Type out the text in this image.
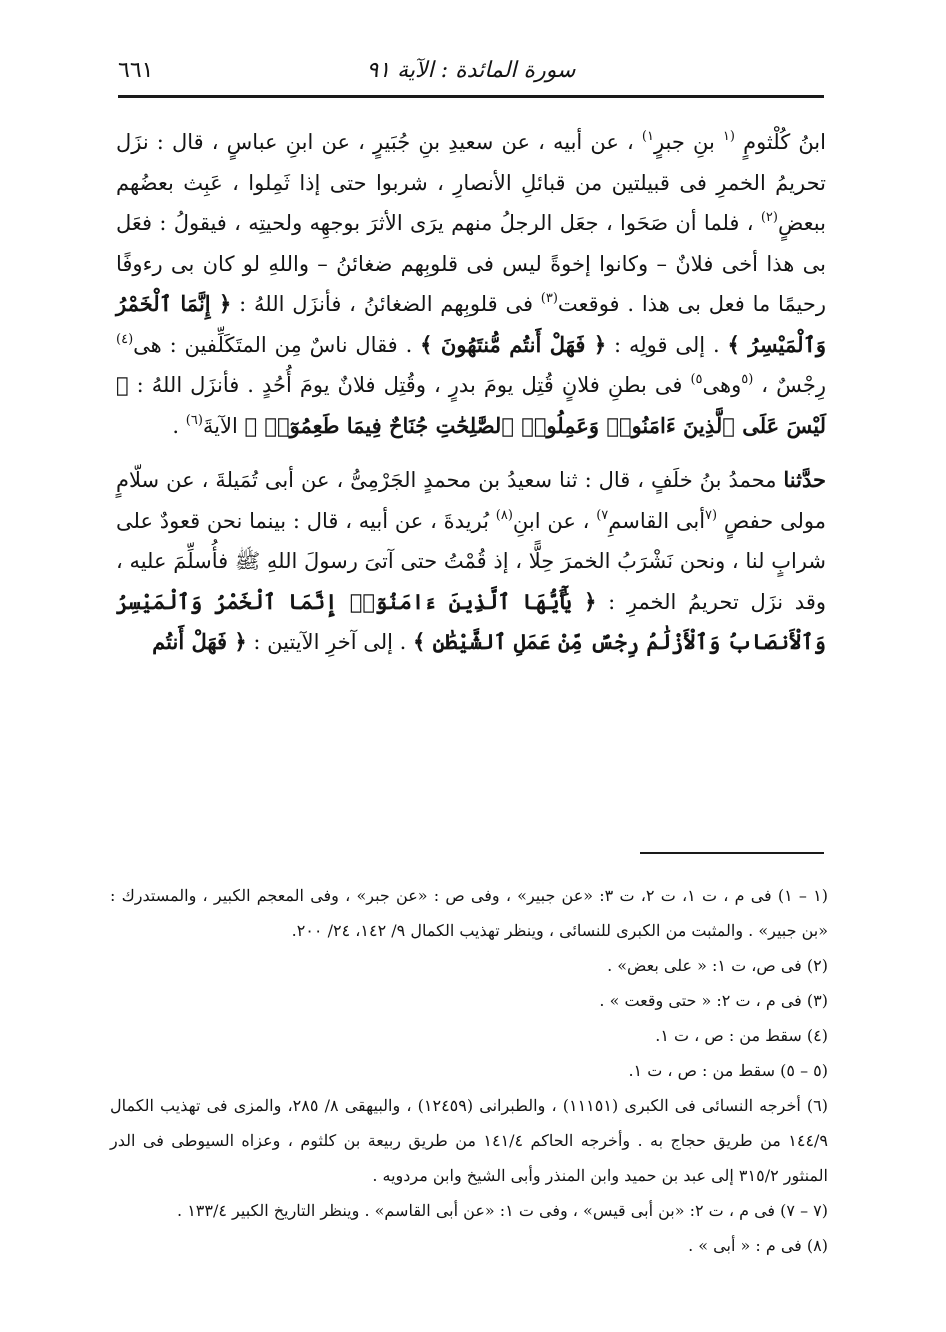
سورة المائدة : الآية ٩١
٦٦١

ابنُ كُلْثومٍ $^{(١}$ بنِ جبرٍ$^{١)}$ ، عن أبيه ، عن سعيدِ بنِ جُبَيرٍ ، عن ابنِ عباسٍ ، قال : نزَل تحريمُ الخمرِ فى قبيلتين من قبائلِ الأنصارِ ، شربوا حتى إذا ثَمِلوا ، عَبِث بعضُهم ببعضٍ$^{(٢)}$ ، فلما أن صَحَوا ، جعَل الرجلُ منهم يرَى الأثرَ بوجهِه ولحيتِه ، فيقولُ : فعَل بى هذا أخى فلانٌ – وكانوا إخوةً ليس فى قلوبِهم ضغائنُ – واللهِ لو كان بى رءوفًا رحيمًا ما فعل بى هذا . فوقعت$^{(٣)}$ فى قلوبِهم الضغائنُ ، فأنزَل اللهُ : ﴿ إِنَّمَا ٱلْخَمْرُ وَٱلْمَيْسِرُ ﴾ . إلى قولِه : ﴿ فَهَلْ أَنتُم مُّنتَهُونَ ﴾ . فقال ناسٌ مِن المتَكَلِّفين : هى$^{(٤)}$ رِجْسٌ ، $^{(٥}$وهى$^{٥)}$ فى بطنِ فلانٍ قُتِل يومَ بدرٍ ، وقُتِل فلانٌ يومَ أُحُدٍ . فأنزَل اللهُ : ﴿ لَيْسَ عَلَى ٱلَّذِينَ ءَامَنُوا۟ وَعَمِلُوا۟ ٱلصَّٰلِحَٰتِ جُنَاحٌ فِيمَا طَعِمُوٓا۟ ﴾ الآيةَ$^{(٦)}$ .

حدَّثنا محمدُ بنُ خلَفٍ ، قال : ثنا سعيدُ بن محمدٍ الجَرْمِىُّ ، عن أبى تُمَيلةَ ، عن سلّامٍ مولى حفصٍ $^{(٧}$أبى القاسمِ$^{٧)}$ ، عن ابنِ$^{(٨)}$ بُريدةَ ، عن أبيه ، قال : بينما نحن قعودٌ على شرابٍ لنا ، ونحن نَشْرَبُ الخمرَ حِلًّا ، إذ قُمْتُ حتى آتىَ رسولَ اللهِ ﷺ فأُسلِّمَ عليه ، وقد نزَل تحريمُ الخمرِ : ﴿ يَٰٓأَيُّهَا ٱلَّذِينَ ءَامَنُوٓا۟ إِنَّمَا ٱلْخَمْرُ وَٱلْمَيْسِرُ وَٱلْأَنصَابُ وَٱلْأَزْلَٰمُ رِجْسٌ مِّنْ عَمَلِ ٱلشَّيْطَٰنِ ﴾ . إلى آخرِ الآيتين : ﴿ فَهَلْ أَنتُم

(١ – ١) فى م ، ت ١، ت ٢، ت ٣: «عن جبير» ، وفى ص : «عن جبر» ، وفى المعجم الكبير ، والمستدرك : «بن جبير» . والمثبت من الكبرى للنسائى ، وينظر تهذيب الكمال ٩/ ١٤٢، ٢٤/ ٢٠٠.

(٢) فى ص، ت ١: « على بعض» .

(٣) فى م ، ت ٢: « حتى وقعت » .

(٤) سقط من : ص ، ت ١.

(٥ – ٥) سقط من : ص ، ت ١.

(٦) أخرجه النسائى فى الكبرى (١١١٥١) ، والطبرانى (١٢٤٥٩) ، والبيهقى ٨/ ٢٨٥، والمزى فى تهذيب الكمال ١٤٤/٩ من طريق حجاج به . وأخرجه الحاكم ١٤١/٤ من طريق ربيعة بن كلثوم ، وعزاه السيوطى فى الدر المنثور ٣١٥/٢ إلى عبد بن حميد وابن المنذر وأبى الشيخ وابن مردويه .

(٧ – ٧) فى م ، ت ٢: «بن أبى قيس» ، وفى ت ١: «عن أبى القاسم» . وينظر التاريخ الكبير ١٣٣/٤ .

(٨) فى م : « أبى » .
